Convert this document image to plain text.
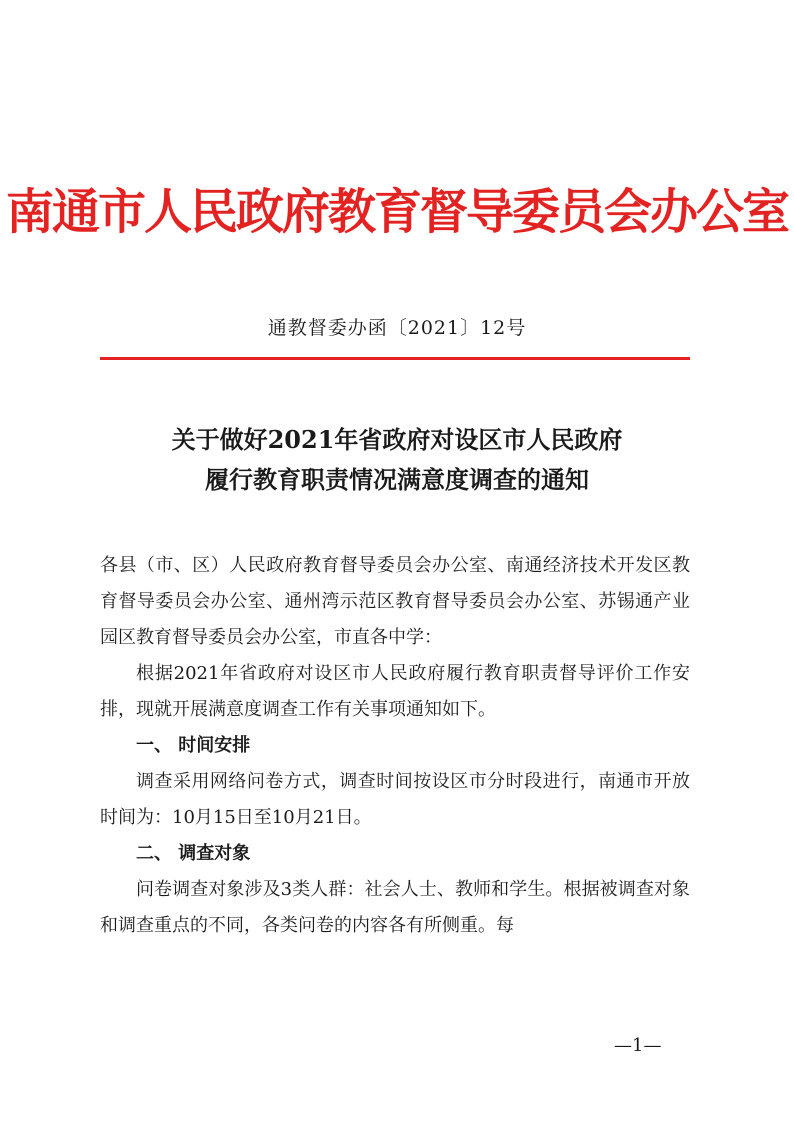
南通市人民政府教育督导委员会办公室
通教督委办函〔2021〕12号
关于做好2021年省政府对设区市人民政府
履行教育职责情况满意度调查的通知

各县（市、区）人民政府教育督导委员会办公室、南通经济技术开发区教育督导委员会办公室、通州湾示范区教育督导委员会办公室、苏锡通产业园区教育督导委员会办公室，市直各中学：

根据2021年省政府对设区市人民政府履行教育职责督导评价工作安排，现就开展满意度调查工作有关事项通知如下。

一、 时间安排

调查采用网络问卷方式，调查时间按设区市分时段进行，南通市开放时间为：10月15日至10月21日。

二、 调查对象

问卷调查对象涉及3类人群：社会人士、教师和学生。根据被调查对象和调查重点的不同，各类问卷的内容各有所侧重。每

—1—
